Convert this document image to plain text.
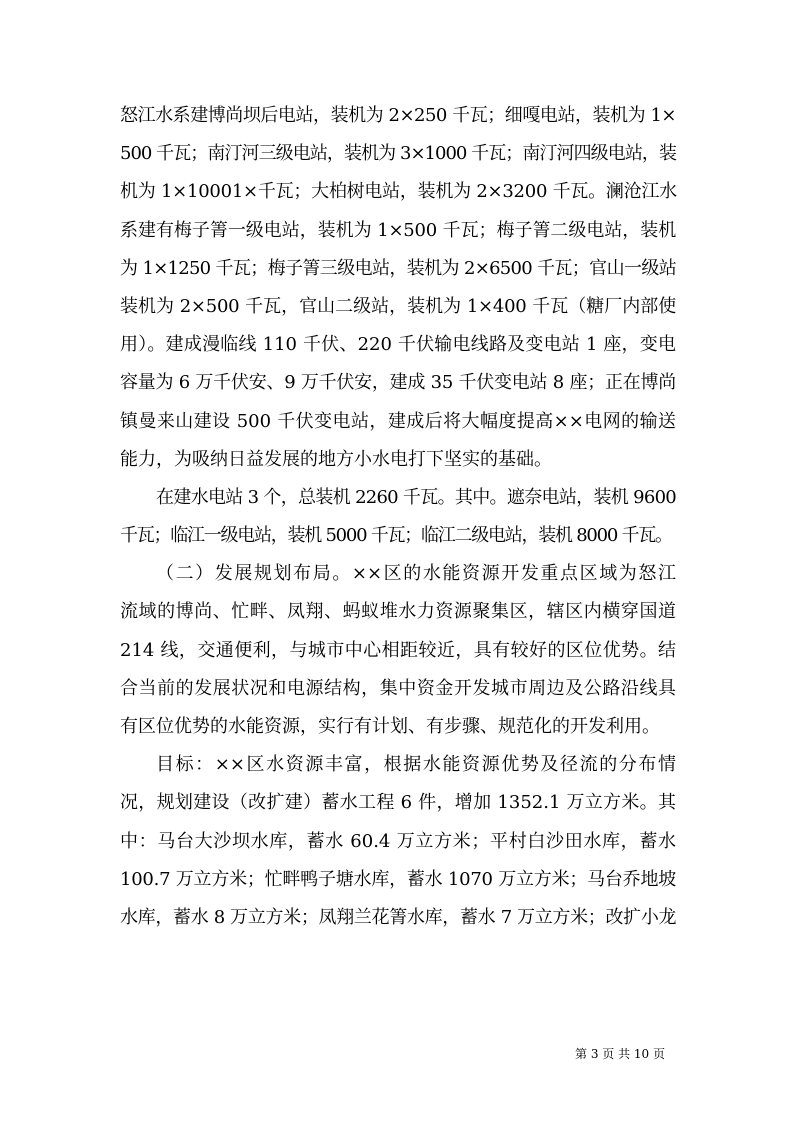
怒江水系建博尚坝后电站，装机为 2×250 千瓦；细嘎电站，装机为 1×
500 千瓦；南汀河三级电站，装机为 3×1000 千瓦；南汀河四级电站，装
机为 1×10001×千瓦；大柏树电站，装机为 2×3200 千瓦。澜沧江水
系建有梅子箐一级电站，装机为 1×500 千瓦；梅子箐二级电站，装机
为 1×1250 千瓦；梅子箐三级电站，装机为 2×6500 千瓦；官山一级站
装机为 2×500 千瓦，官山二级站，装机为 1×400 千瓦（糖厂内部使
用）。建成漫临线 110 千伏、220 千伏输电线路及变电站 1 座，变电
容量为 6 万千伏安、9 万千伏安，建成 35 千伏变电站 8 座；正在博尚
镇曼来山建设 500 千伏变电站，建成后将大幅度提高××电网的输送
能力，为吸纳日益发展的地方小水电打下坚实的基础。
在建水电站 3 个，总装机 2260 千瓦。其中。遮奈电站，装机 9600
千瓦；临江一级电站，装机 5000 千瓦；临江二级电站，装机 8000 千瓦。
（二）发展规划布局。××区的水能资源开发重点区域为怒江
流域的博尚、忙畔、凤翔、蚂蚁堆水力资源聚集区，辖区内横穿国道
214 线，交通便利，与城市中心相距较近，具有较好的区位优势。结
合当前的发展状况和电源结构，集中资金开发城市周边及公路沿线具
有区位优势的水能资源，实行有计划、有步骤、规范化的开发利用。
目标：××区水资源丰富，根据水能资源优势及径流的分布情
况，规划建设（改扩建）蓄水工程 6 件，增加 1352.1 万立方米。其
中：马台大沙坝水库，蓄水 60.4 万立方米；平村白沙田水库，蓄水
100.7 万立方米；忙畔鸭子塘水库，蓄水 1070 万立方米；马台乔地坡
水库，蓄水 8 万立方米；凤翔兰花箐水库，蓄水 7 万立方米；改扩小龙
第 3 页 共 10 页
